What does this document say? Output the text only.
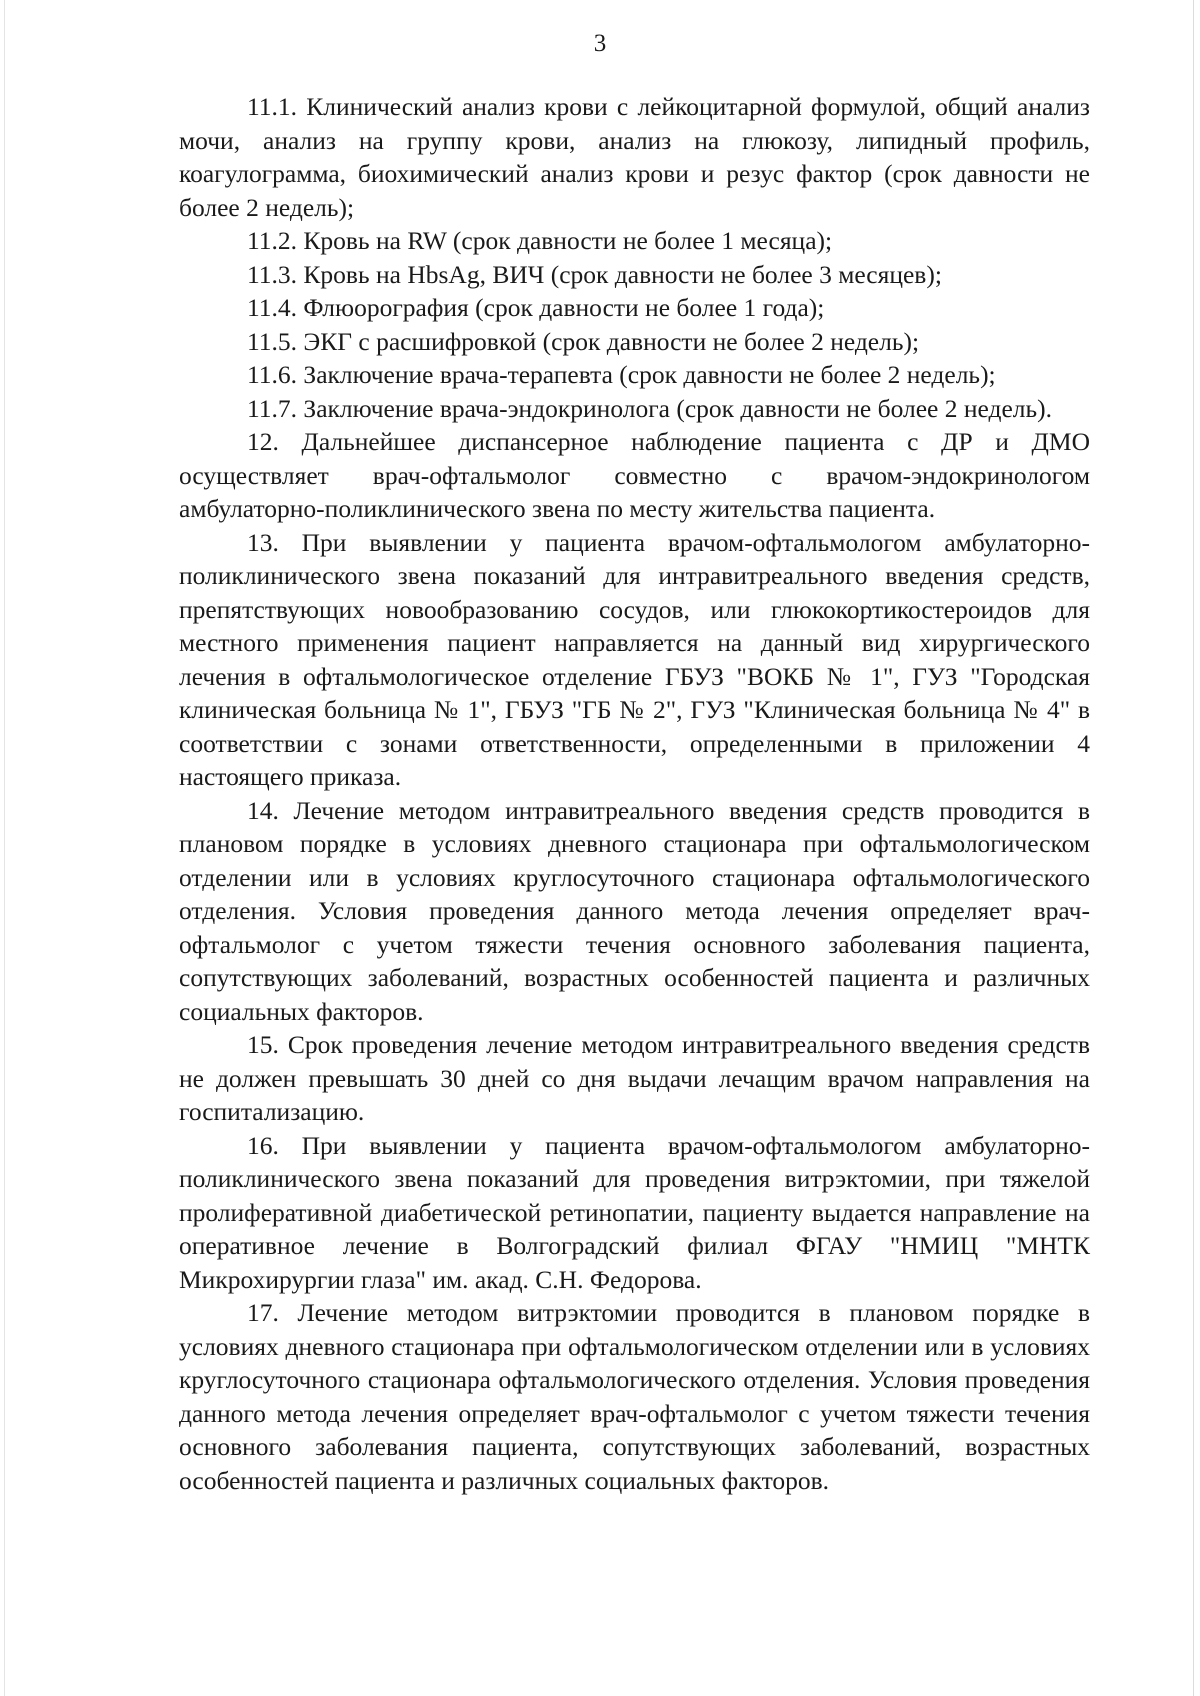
3

11.1. Клинический анализ крови с лейкоцитарной формулой, общий анализ мочи, анализ на группу крови, анализ на глюкозу, липидный профиль, коагулограмма, биохимический анализ крови и резус фактор (срок давности не более 2 недель);

11.2. Кровь на RW (срок давности не более 1 месяца);

11.3. Кровь на HbsAg, ВИЧ (срок давности не более 3 месяцев);

11.4. Флюорография (срок давности не более 1 года);

11.5. ЭКГ с расшифровкой (срок давности не более 2 недель);

11.6. Заключение врача-терапевта (срок давности не более 2 недель);

11.7. Заключение врача-эндокринолога (срок давности не более 2 недель).

12. Дальнейшее диспансерное наблюдение пациента с ДР и ДМО осуществляет врач-офтальмолог совместно с врачом-эндокринологом амбулаторно-поликлинического звена по месту жительства пациента.

13. При выявлении у пациента врачом-офтальмологом амбулаторно-поликлинического звена показаний для интравитреального введения средств, препятствующих новообразованию сосудов, или глюкокортикостероидов для местного применения пациент направляется на данный вид хирургического лечения в офтальмологическое отделение ГБУЗ "ВОКБ № 1", ГУЗ "Городская клиническая больница № 1", ГБУЗ "ГБ № 2", ГУЗ "Клиническая больница № 4" в соответствии с зонами ответственности, определенными в приложении 4 настоящего приказа.

14. Лечение методом интравитреального введения средств проводится в плановом порядке в условиях дневного стационара при офтальмологическом отделении или в условиях круглосуточного стационара офтальмологического отделения. Условия проведения данного метода лечения определяет врач-офтальмолог с учетом тяжести течения основного заболевания пациента, сопутствующих заболеваний, возрастных особенностей пациента и различных социальных факторов.

15. Срок проведения лечение методом интравитреального введения средств не должен превышать 30 дней со дня выдачи лечащим врачом направления на госпитализацию.

16. При выявлении у пациента врачом-офтальмологом амбулаторно-поликлинического звена показаний для проведения витрэктомии, при тяжелой пролиферативной диабетической ретинопатии, пациенту выдается направление на оперативное лечение в Волгоградский филиал ФГАУ "НМИЦ "МНТК Микрохирургии глаза" им. акад. С.Н. Федорова.

17. Лечение методом витрэктомии проводится в плановом порядке в условиях дневного стационара при офтальмологическом отделении или в условиях круглосуточного стационара офтальмологического отделения. Условия проведения данного метода лечения определяет врач-офтальмолог с учетом тяжести течения основного заболевания пациента, сопутствующих заболеваний, возрастных особенностей пациента и различных социальных факторов.
